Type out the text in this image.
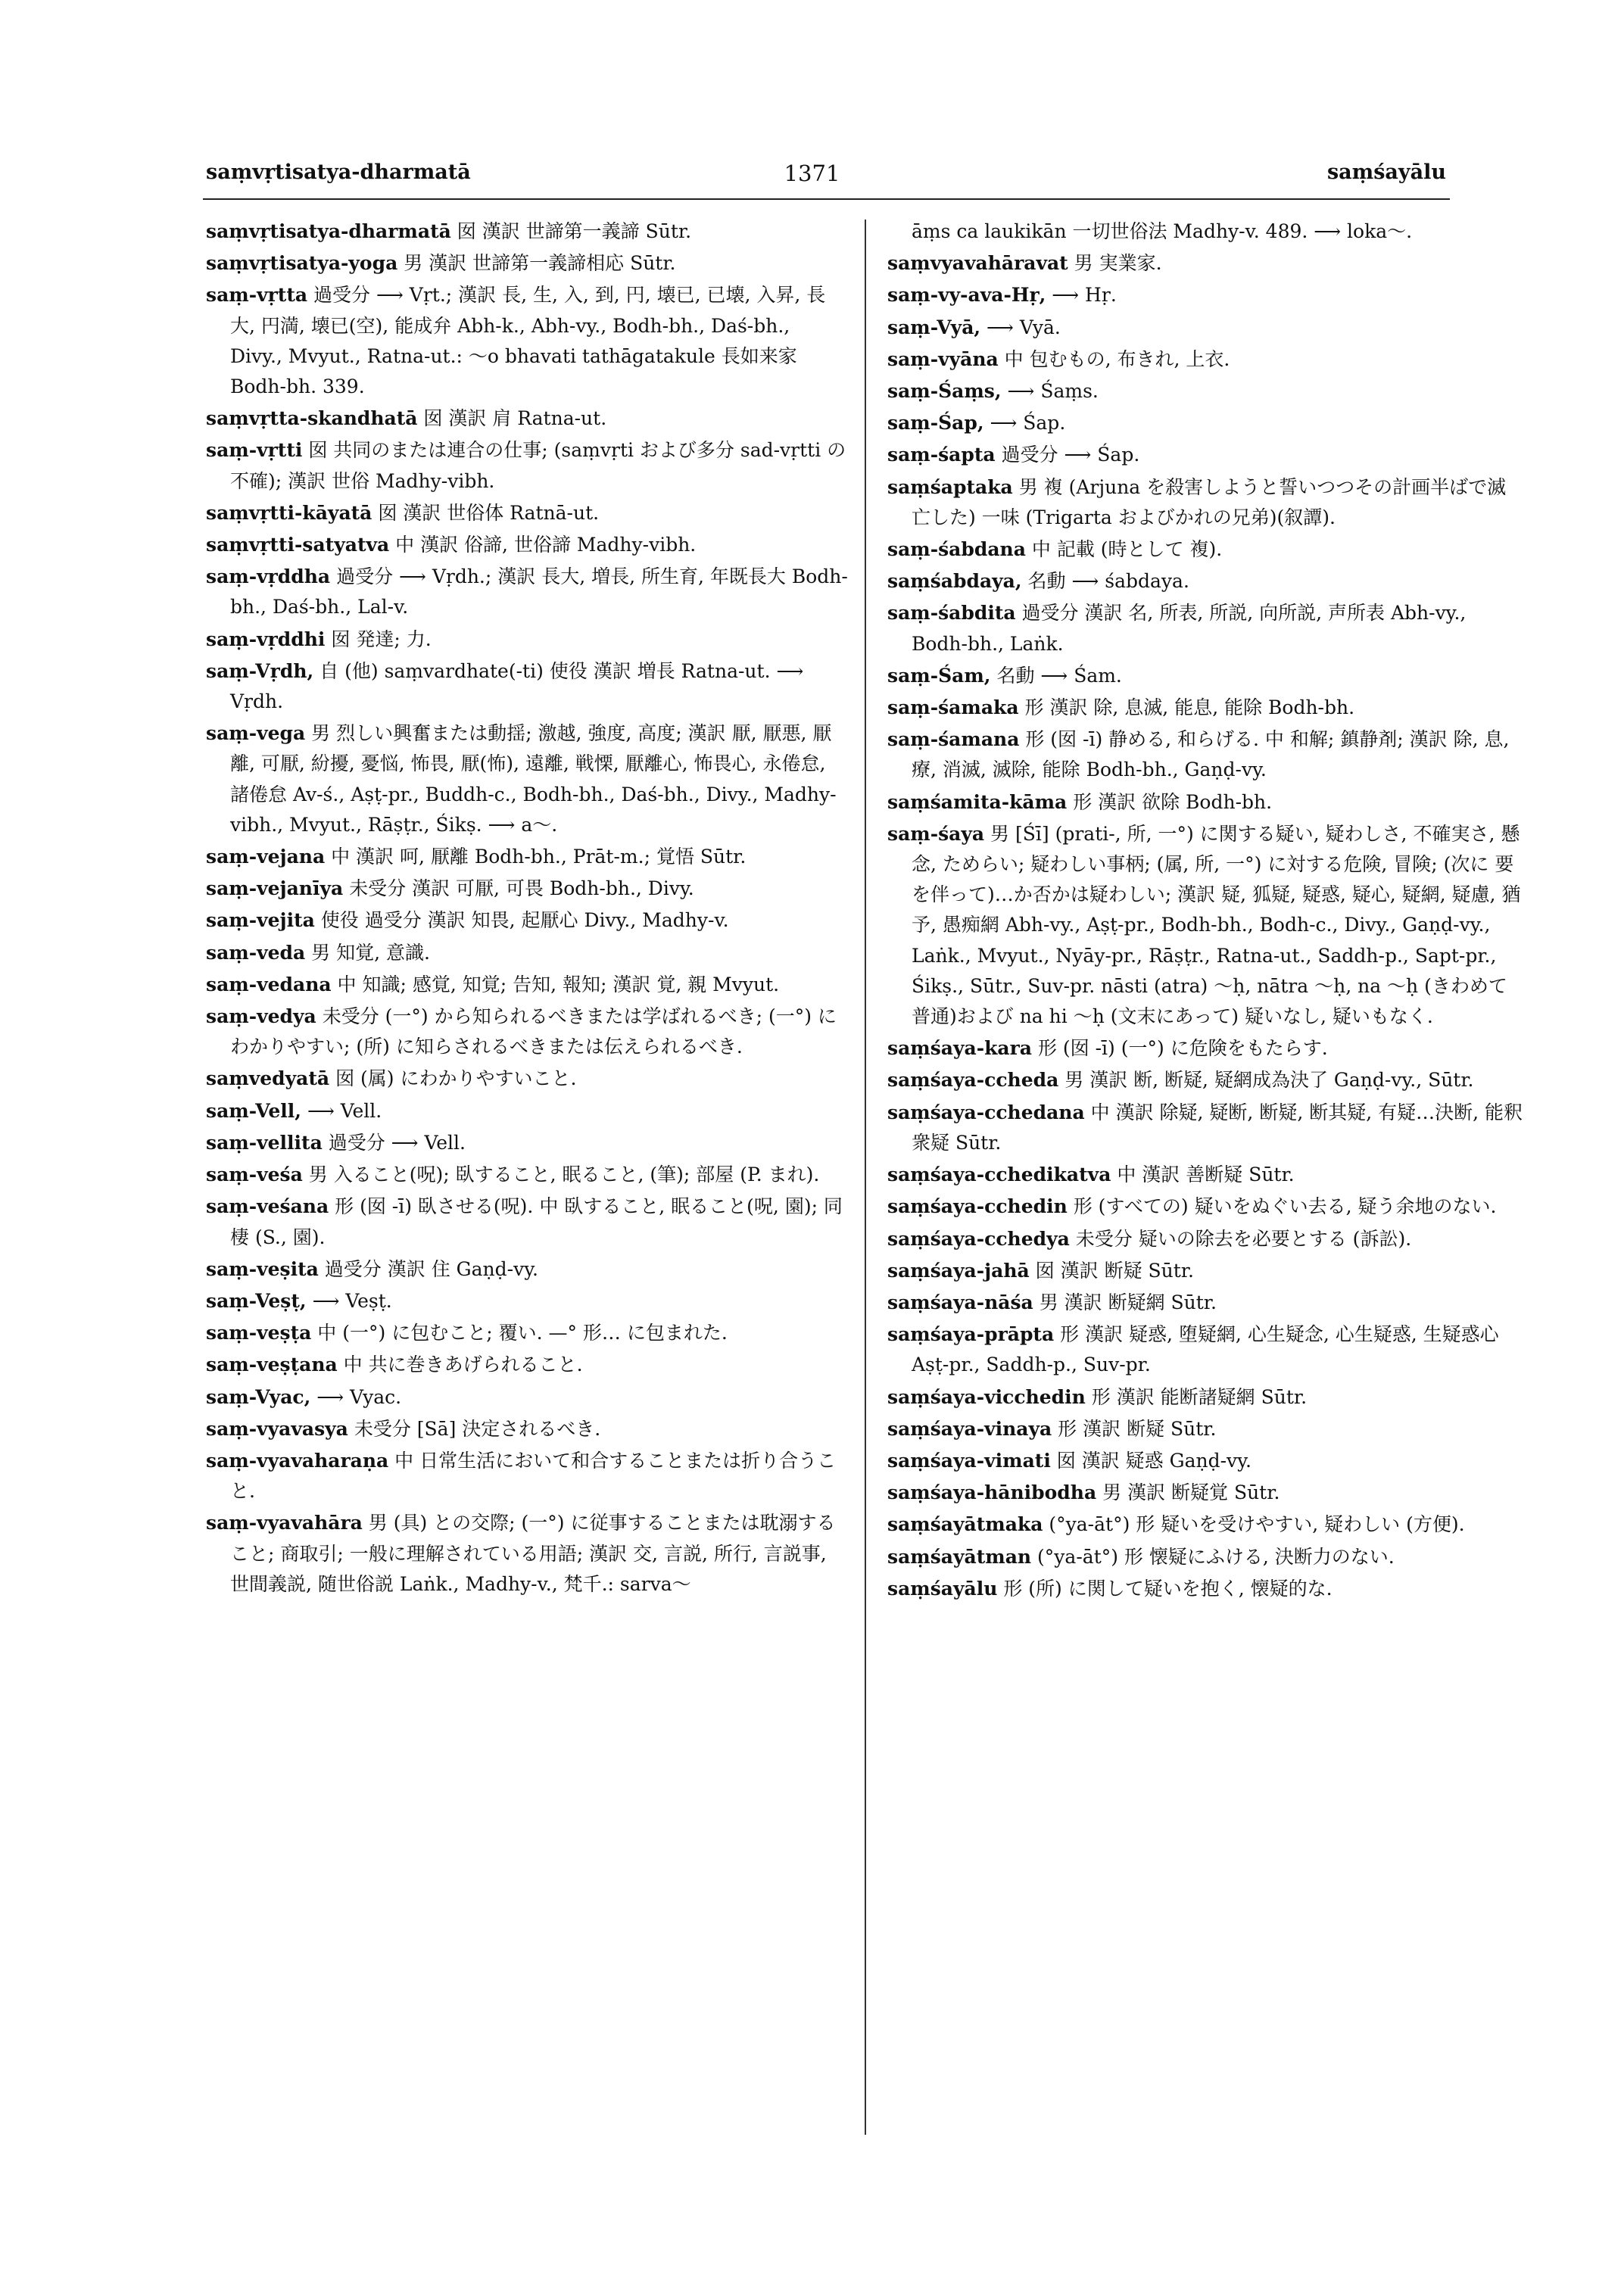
saṃvṛtisatya-dharmatā	1371	saṃśayālu

saṃvṛtisatya-dharmatā 囡 漢訳 世諦第一義諦 Sūtr.

saṃvṛtisatya-yoga 男 漢訳 世諦第一義諦相応 Sūtr.

saṃ-vṛtta 過受分 ⟶ Vṛt.; 漢訳 長, 生, 入, 到, 円, 壊已, 已壊, 入昇, 長大, 円満, 壊已(空), 能成弁 Abh-k., Abh-vy., Bodh-bh., Daś-bh., Divy., Mvyut., Ratna-ut.: ～o bhavati tathāgatakule 長如来家 Bodh-bh. 339.

saṃvṛtta-skandhatā 囡 漢訳 肩 Ratna-ut.

saṃ-vṛtti 囡 共同のまたは連合の仕事; (saṃvṛti および多分 sad-vṛtti の 不確); 漢訳 世俗 Madhy-vibh.

saṃvṛtti-kāyatā 囡 漢訳 世俗体 Ratnā-ut.

saṃvṛtti-satyatva 中 漢訳 俗諦, 世俗諦 Madhy-vibh.

saṃ-vṛddha 過受分 ⟶ Vṛdh.; 漢訳 長大, 増長, 所生育, 年既長大 Bodh-bh., Daś-bh., Lal-v.

saṃ-vṛddhi 囡 発達; 力.

saṃ-Vṛdh, 自 (他) saṃvardhate(-ti) 使役 漢訳 増長 Ratna-ut. ⟶ Vṛdh.

saṃ-vega 男 烈しい興奮または動揺; 激越, 強度, 高度; 漢訳 厭, 厭悪, 厭離, 可厭, 紛擾, 憂悩, 怖畏, 厭(怖), 遠離, 戦慄, 厭離心, 怖畏心, 永倦怠, 諸倦怠 Av-ś., Aṣṭ-pr., Buddh-c., Bodh-bh., Daś-bh., Divy., Madhy-vibh., Mvyut., Rāṣṭr., Śikṣ. ⟶ a～.

saṃ-vejana 中 漢訳 呵, 厭離 Bodh-bh., Prāt-m.; 覚悟 Sūtr.

saṃ-vejanīya 未受分 漢訳 可厭, 可畏 Bodh-bh., Divy.

saṃ-vejita 使役 過受分 漢訳 知畏, 起厭心 Divy., Madhy-v.

saṃ-veda 男 知覚, 意識.

saṃ-vedana 中 知識; 感覚, 知覚; 告知, 報知; 漢訳 覚, 親 Mvyut.

saṃ-vedya 未受分 (一°) から知られるべきまたは学ばれるべき; (一°) にわかりやすい; (所) に知らされるべきまたは伝えられるべき.

saṃvedyatā 囡 (属) にわかりやすいこと.

saṃ-Vell, ⟶ Vell.

saṃ-vellita 過受分 ⟶ Vell.

saṃ-veśa 男 入ること(呪); 臥すること, 眠ること, (筆); 部屋 (P. まれ).

saṃ-veśana 形 (囡 -ī) 臥させる(呪). 中 臥すること, 眠ること(呪, 園); 同棲 (S., 園).

saṃ-veṣita 過受分 漢訳 住 Gaṇḍ-vy.

saṃ-Veṣṭ, ⟶ Veṣṭ.

saṃ-veṣṭa 中 (一°) に包むこと; 覆い. —° 形… に包まれた.

saṃ-veṣṭana 中 共に巻きあげられること.

saṃ-Vyac, ⟶ Vyac.

saṃ-vyavasya 未受分 [Sā] 決定されるべき.

saṃ-vyavaharaṇa 中 日常生活において和合することまたは折り合うこと.

saṃ-vyavahāra 男 (具) との交際; (一°) に従事することまたは耽溺すること; 商取引; 一般に理解されている用語; 漢訳 交, 言説, 所行, 言説事, 世間義説, 随世俗説 Laṅk., Madhy-v., 梵千.: sarva～

āṃs ca laukikān 一切世俗法 Madhy-v. 489. ⟶ loka～.

saṃvyavahāravat 男 実業家.

saṃ-vy-ava-Hṛ, ⟶ Hṛ.

saṃ-Vyā, ⟶ Vyā.

saṃ-vyāna 中 包むもの, 布きれ, 上衣.

saṃ-Śaṃs, ⟶ Śaṃs.

saṃ-Śap, ⟶ Śap.

saṃ-śapta 過受分 ⟶ Śap.

saṃśaptaka 男 複 (Arjuna を殺害しようと誓いつつその計画半ばで滅亡した) 一味 (Trigarta およびかれの兄弟)(叙譚).

saṃ-śabdana 中 記載 (時として 複).

saṃśabdaya, 名動 ⟶ śabdaya.

saṃ-śabdita 過受分 漢訳 名, 所表, 所説, 向所説, 声所表 Abh-vy., Bodh-bh., Laṅk.

saṃ-Śam, 名動 ⟶ Śam.

saṃ-śamaka 形 漢訳 除, 息滅, 能息, 能除 Bodh-bh.

saṃ-śamana 形 (囡 -ī) 静める, 和らげる. 中 和解; 鎮静剤; 漢訳 除, 息, 療, 消滅, 滅除, 能除 Bodh-bh., Gaṇḍ-vy.

saṃśamita-kāma 形 漢訳 欲除 Bodh-bh.

saṃ-śaya 男 [Śī] (prati-, 所, 一°) に関する疑い, 疑わしさ, 不確実さ, 懸念, ためらい; 疑わしい事柄; (属, 所, 一°) に対する危険, 冒険; (次に 要を伴って)…か否かは疑わしい; 漢訳 疑, 狐疑, 疑惑, 疑心, 疑網, 疑慮, 猶予, 愚痴網 Abh-vy., Aṣṭ-pr., Bodh-bh., Bodh-c., Divy., Gaṇḍ-vy., Laṅk., Mvyut., Nyāy-pr., Rāṣṭr., Ratna-ut., Saddh-p., Sapt-pr., Śikṣ., Sūtr., Suv-pr. nāsti (atra) ～ḥ, nātra ～ḥ, na ～ḥ (きわめて普通)および na hi ～ḥ (文末にあって) 疑いなし, 疑いもなく.

saṃśaya-kara 形 (囡 -ī) (一°) に危険をもたらす.

saṃśaya-ccheda 男 漢訳 断, 断疑, 疑網成為決了 Gaṇḍ-vy., Sūtr.

saṃśaya-cchedana 中 漢訳 除疑, 疑断, 断疑, 断其疑, 有疑…決断, 能釈衆疑 Sūtr.

saṃśaya-cchedikatva 中 漢訳 善断疑 Sūtr.

saṃśaya-cchedin 形 (すべての) 疑いをぬぐい去る, 疑う余地のない.

saṃśaya-cchedya 未受分 疑いの除去を必要とする (訴訟).

saṃśaya-jahā 囡 漢訳 断疑 Sūtr.

saṃśaya-nāśa 男 漢訳 断疑網 Sūtr.

saṃśaya-prāpta 形 漢訳 疑惑, 堕疑網, 心生疑念, 心生疑惑, 生疑惑心 Aṣṭ-pr., Saddh-p., Suv-pr.

saṃśaya-vicchedin 形 漢訳 能断諸疑網 Sūtr.

saṃśaya-vinaya 形 漢訳 断疑 Sūtr.

saṃśaya-vimati 囡 漢訳 疑惑 Gaṇḍ-vy.

saṃśaya-hānibodha 男 漢訳 断疑覚 Sūtr.

saṃśayātmaka (°ya-āt°) 形 疑いを受けやすい, 疑わしい (方便).

saṃśayātman (°ya-āt°) 形 懐疑にふける, 決断力のない.

saṃśayālu 形 (所) に関して疑いを抱く, 懐疑的な.
